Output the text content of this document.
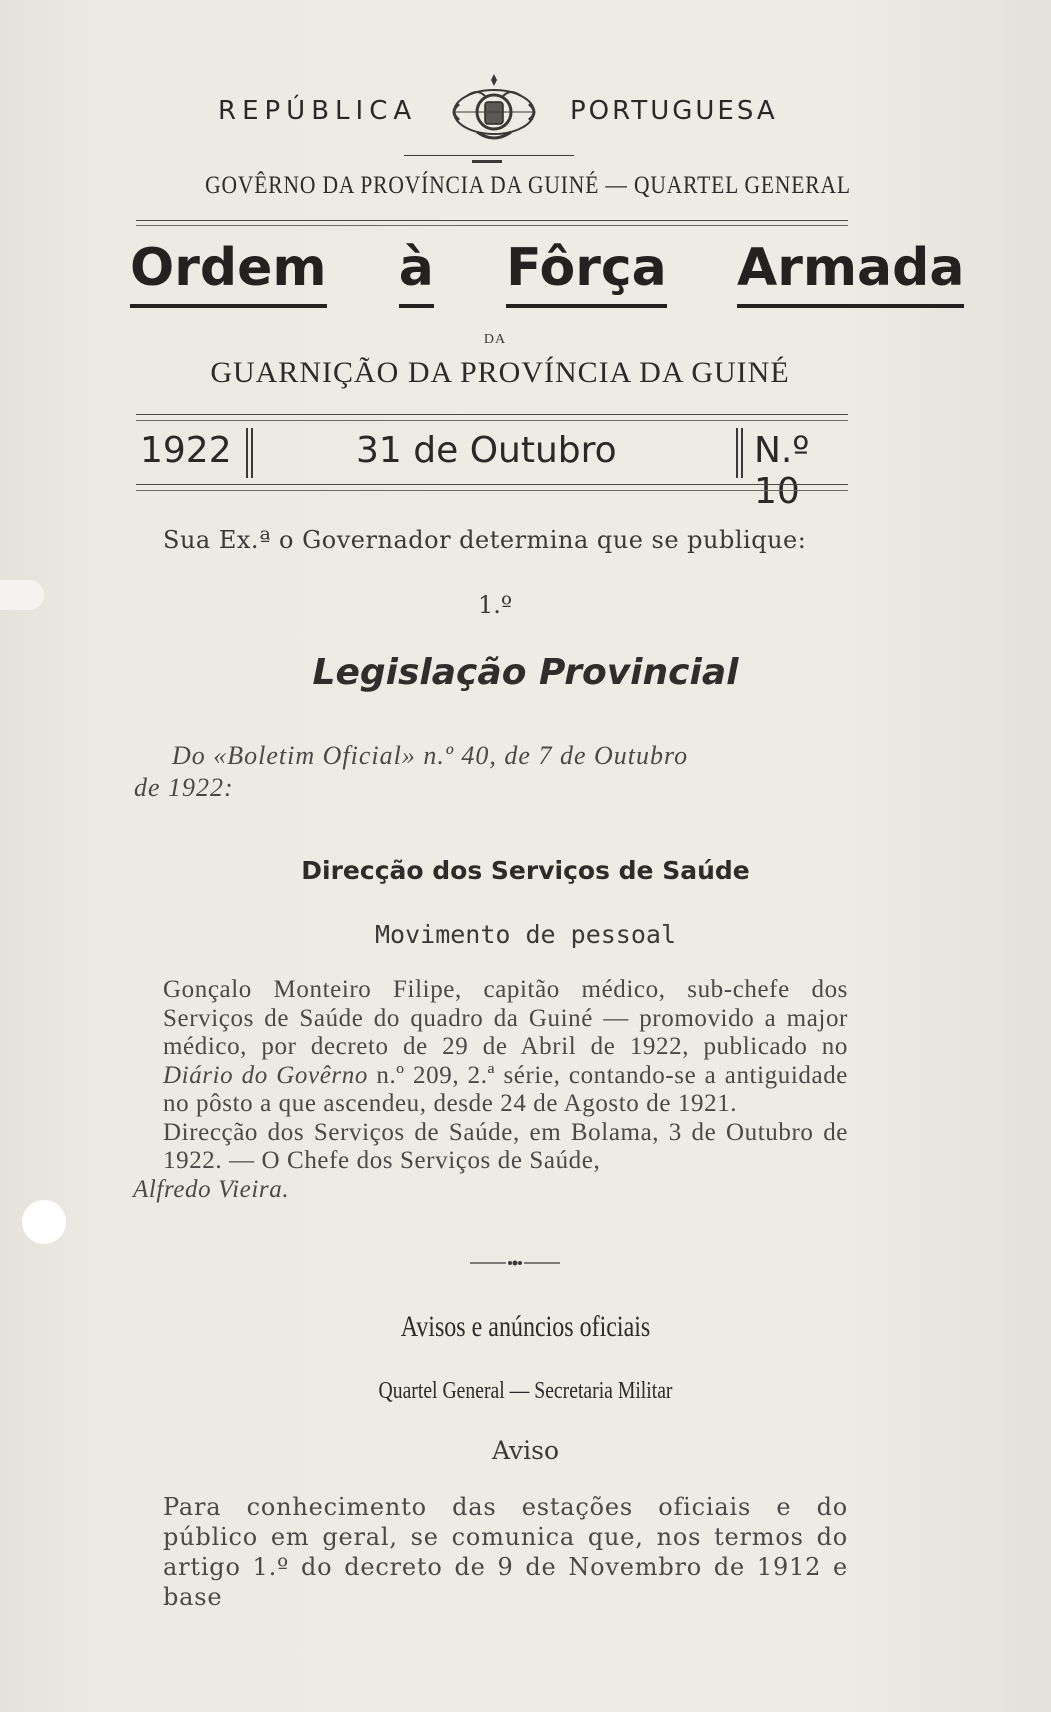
REPÚBLICA	PORTUGUESA
GOVÊRNO DA PROVÍNCIA DA GUINÉ — QUARTEL GENERAL
Ordem à Fôrça Armada
DA
GUARNIÇÃO DA PROVÍNCIA DA GUINÉ
1922	31 de Outubro	N.º 10
Sua Ex.ª o Governador determina que se publique:
1.º
Legislação Provincial
Do «Boletim Oficial» n.º 40, de 7 de Outubro
de 1922:
Direcção dos Serviços de Saúde
Movimento de pessoal
Gonçalo Monteiro Filipe, capitão médico, sub-chefe dos Serviços de Saúde do quadro da Guiné — promovido a major médico, por decreto de 29 de Abril de 1922, publicado no Diário do Govêrno n.º 209, 2.ª série, contando-se a antiguidade no pôsto a que ascendeu, desde 24 de Agosto de 1921.
Direcção dos Serviços de Saúde, em Bolama, 3 de Outubro de 1922. — O Chefe dos Serviços de Saúde,
Alfredo Vieira.
Avisos e anúncios oficiais
Quartel General — Secretaria Militar
Aviso
Para conhecimento das estações oficiais e do público em geral, se comunica que, nos termos do artigo 1.º do decreto de 9 de Novembro de 1912 e base
